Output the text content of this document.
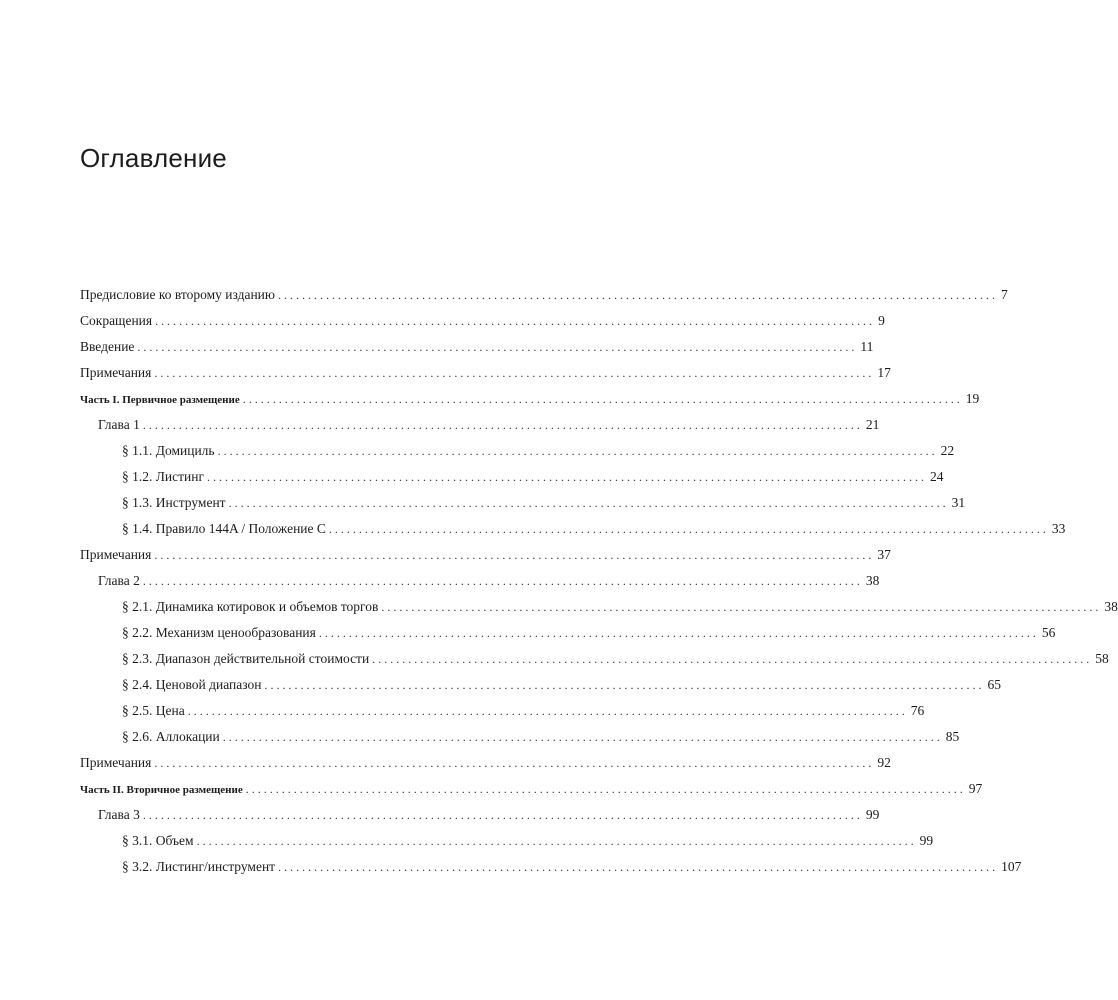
Оглавление
Предисловие ко второму изданию ........................................................................................................................ 7
Сокращения ........................................................................................................................ 9
Введение ........................................................................................................................ 11
Примечания ........................................................................................................................ 17
Часть I. Первичное размещение ........................................................................................................................ 19
Глава 1 ........................................................................................................................ 21
§ 1.1. Домициль ........................................................................................................................ 22
§ 1.2. Листинг ........................................................................................................................ 24
§ 1.3. Инструмент ........................................................................................................................ 31
§ 1.4. Правило 144A / Положение С ........................................................................................................................ 33
Примечания ........................................................................................................................ 37
Глава 2 ........................................................................................................................ 38
§ 2.1. Динамика котировок и объемов торгов ........................................................................................................................ 38
§ 2.2. Механизм ценообразования ........................................................................................................................ 56
§ 2.3. Диапазон действительной стоимости ........................................................................................................................ 58
§ 2.4. Ценовой диапазон ........................................................................................................................ 65
§ 2.5. Цена ........................................................................................................................ 76
§ 2.6. Аллокации ........................................................................................................................ 85
Примечания ........................................................................................................................ 92
Часть II. Вторичное размещение ........................................................................................................................ 97
Глава 3 ........................................................................................................................ 99
§ 3.1. Объем ........................................................................................................................ 99
§ 3.2. Листинг/инструмент ........................................................................................................................ 107
